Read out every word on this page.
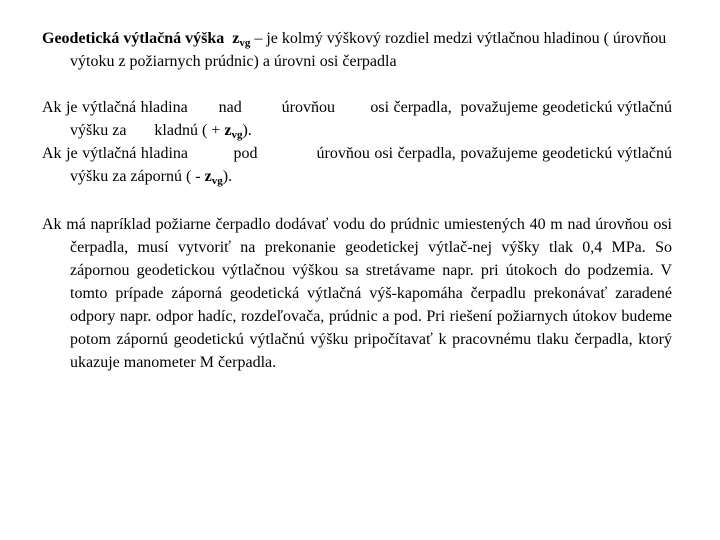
Geodetická výtlačná výška $z_{vg}$ – je kolmý výškový rozdiel medzi výtlačnou hladinou ( úrovňou výtoku z požiarnych prúdnic) a úrovni osi čerpadla

Ak je výtlačná hladina       nad         úrovňou        osi čerpadla,  považujeme geodetickú výtlačnú výšku za       kladnú ( + $z_{vg}$).

Ak je výtlačná hladina          pod             úrovňou osi čerpadla, považujeme geodetickú výtlačnú výšku za zápornú ( - $z_{vg}$).

Ak má napríklad požiarne čerpadlo dodávať vodu do prúdnic umiestených 40 m nad úrovňou osi čerpadla, musí vytvoriť na prekonanie geodetickej výtlač-nej výšky tlak 0,4 MPa. So zápornou geodetickou výtlačnou výškou sa stretávame napr. pri útokoch do podzemia. V tomto prípade záporná geodetická výtlačná výš-kapomáha čerpadlu prekonávať zaradené odpory napr. odpor hadíc, rozdeľovača, prúdnic a pod. Pri riešení požiarnych útokov budeme potom zápornú geodetickú výtlačnú výšku pripočítavať k pracovnému tlaku čerpadla, ktorý ukazuje manometer M čerpadla.
